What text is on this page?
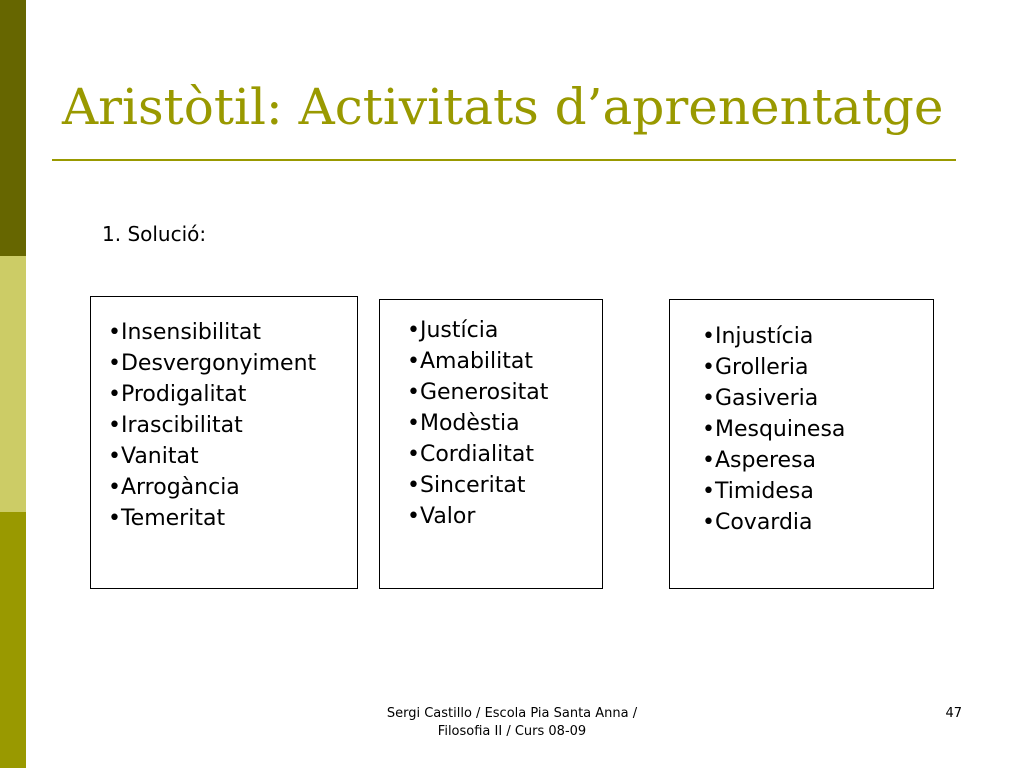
Aristòtil: Activitats d’aprenentatge
1. Solució:
•Insensibilitat
•Desvergonyiment
•Prodigalitat
•Irascibilitat
•Vanitat
•Arrogància
•Temeritat
•Justícia
•Amabilitat
•Generositat
•Modèstia
•Cordialitat
•Sinceritat
•Valor
•Injustícia
•Grolleria
•Gasiveria
•Mesquinesa
•Asperesa
•Timidesa
•Covardia
Sergi Castillo / Escola Pia Santa Anna /
Filosofia II / Curs 08-09
47
